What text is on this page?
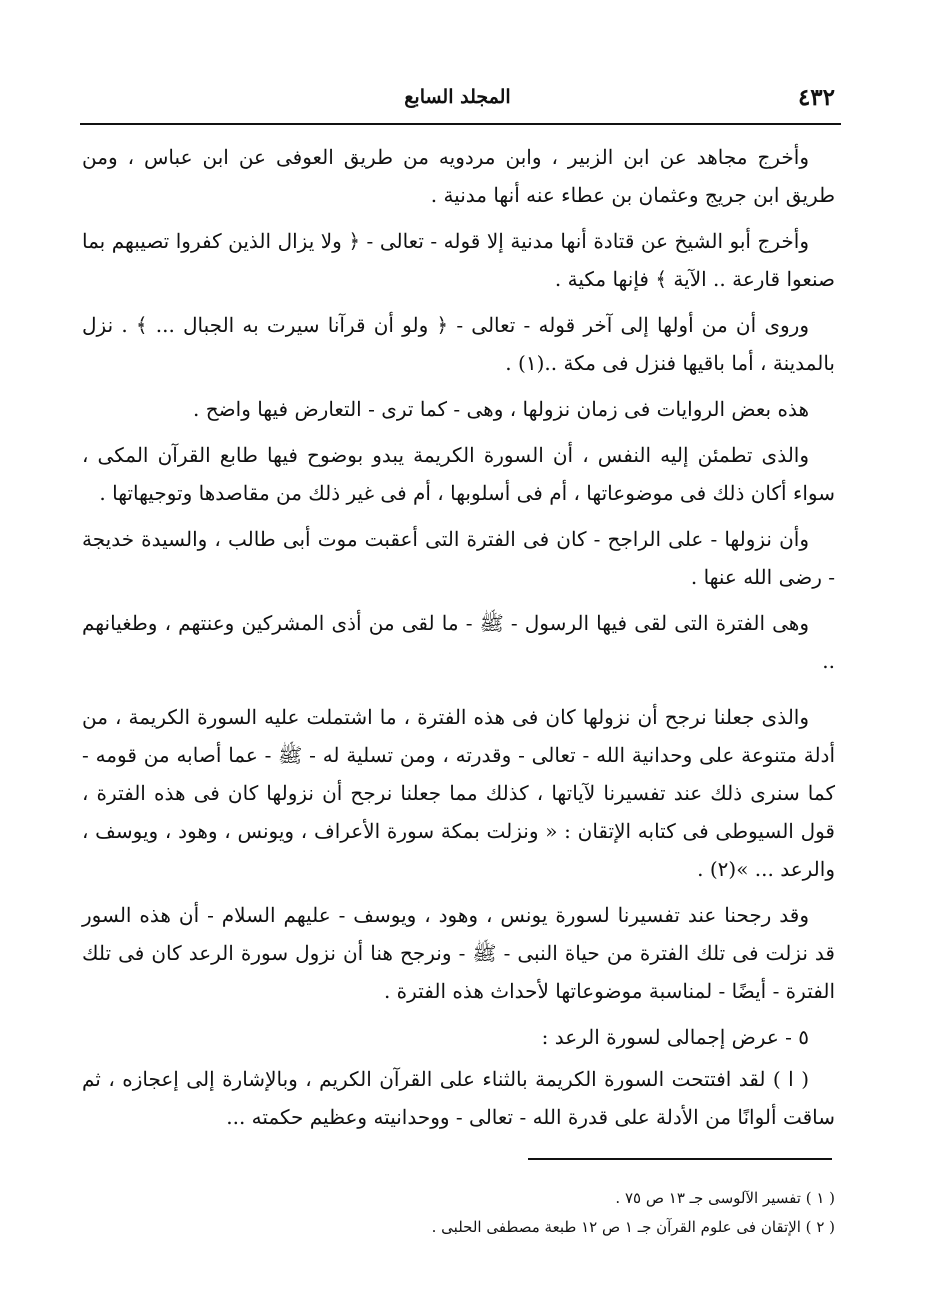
٤٣٢
المجلد السابع

وأخرج مجاهد عن ابن الزبير ، وابن مردويه من طريق العوفى عن ابن عباس ، ومن طريق ابن جريج وعثمان بن عطاء عنه أنها مدنية .

وأخرج أبو الشيخ عن قتادة أنها مدنية إلا قوله - تعالى - ﴿ ولا يزال الذين كفروا تصيبهم بما صنعوا قارعة .. الآية ﴾ فإنها مكية .

وروى أن من أولها إلى آخر قوله - تعالى - ﴿ ولو أن قرآنا سيرت به الجبال ... ﴾ . نزل بالمدينة ، أما باقيها فنزل فى مكة ..(١) .

هذه بعض الروايات فى زمان نزولها ، وهى - كما ترى - التعارض فيها واضح .

والذى تطمئن إليه النفس ، أن السورة الكريمة يبدو بوضوح فيها طابع القرآن المكى ، سواء أكان ذلك فى موضوعاتها ، أم فى أسلوبها ، أم فى غير ذلك من مقاصدها وتوجيهاتها .

وأن نزولها - على الراجح - كان فى الفترة التى أعقبت موت أبى طالب ، والسيدة خديجة - رضى الله عنها .

وهى الفترة التى لقى فيها الرسول - ﷺ - ما لقى من أذى المشركين وعنتهم ، وطغيانهم ..

والذى جعلنا نرجح أن نزولها كان فى هذه الفترة ، ما اشتملت عليه السورة الكريمة ، من أدلة متنوعة على وحدانية الله - تعالى - وقدرته ، ومن تسلية له - ﷺ - عما أصابه من قومه - كما سنرى ذلك عند تفسيرنا لآياتها ، كذلك مما جعلنا نرجح أن نزولها كان فى هذه الفترة ، قول السيوطى فى كتابه الإتقان : « ونزلت بمكة سورة الأعراف ، ويونس ، وهود ، ويوسف ، والرعد ... »(٢) .

وقد رجحنا عند تفسيرنا لسورة يونس ، وهود ، ويوسف - عليهم السلام - أن هذه السور قد نزلت فى تلك الفترة من حياة النبى - ﷺ - ونرجح هنا أن نزول سورة الرعد كان فى تلك الفترة - أيضًا - لمناسبة موضوعاتها لأحداث هذه الفترة .

٥ - عرض إجمالى لسورة الرعد :

( ا ) لقد افتتحت السورة الكريمة بالثناء على القرآن الكريم ، وبالإشارة إلى إعجازه ، ثم ساقت ألوانًا من الأدلة على قدرة الله - تعالى - ووحدانيته وعظيم حكمته ...

( ١ ) تفسير الآلوسى جـ ١٣ ص ٧٥ .

( ٢ ) الإتقان فى علوم القرآن جـ ١ ص ١٢ طبعة مصطفى الحلبى .
